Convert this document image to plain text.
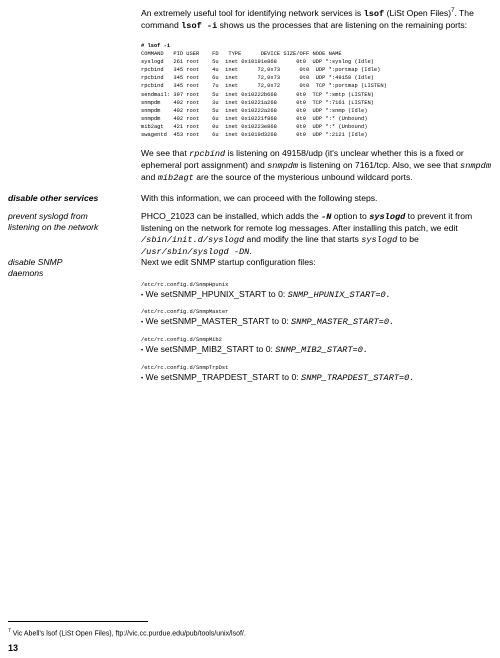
An extremely useful tool for identifying network services is lsof (LiSt Open Files)$^7$. The command lsof -i shows us the processes that are listening on the remaining ports:
# lsof -i
COMMAND   PID USER    FD   TYPE      DEVICE SIZE/OFF NODE NAME
syslogd   261 root    5u  inet 0x10191e868      0t0  UDP *:syslog (Idle)
rpcbind   345 root    4u  inet      72,0x73      0t0  UDP *:portmap (Idle)
rpcbind   345 root    6u  inet      72,0x73      0t0  UDP *:49158 (Idle)
rpcbind   345 root    7u  inet      72,0x72      0t0  TCP *:portmap (LISTEN)
sendmail: 397 root    5u  inet 0x10222b668      0t0  TCP *:smtp (LISTEN)
snmpdm    402 root    3u  inet 0x10221a268      0t0  TCP *:7161 (LISTEN)
snmpdm    402 root    5u  inet 0x10222a268      0t0  UDP *:snmp (Idle)
snmpdm    402 root    6u  inet 0x10221f868      0t0  UDP *:* (Unbound)
mib2agt   421 root    0u  inet 0x10223e868      0t0  UDP *:* (Unbound)
swagentd  453 root    6u  inet 0x1019d3268      0t0  UDP *:2121 (Idle)
We see that rpcbind is listening on 49158/udp (it's unclear whether this is a fixed or ephemeral port assignment) and snmpdm is listening on 7161/tcp. Also, we see that snmpdm and mib2agt are the source of the mysterious unbound wildcard ports.
disable other services	With this information, we can proceed with the following steps.
prevent syslogd from listening on the network
PHCO_21023 can be installed, which adds the -N option to syslogd to prevent it from listening on the network for remote log messages. After installing this patch, we edit /sbin/init.d/syslogd and modify the line that starts syslogd to be /usr/sbin/syslogd -DN.
disable SNMP daemons
Next we edit SNMP startup configuration files:
/etc/rc.config.d/SnmpHpunix
• We setSNMP_HPUNIX_START to 0: SNMP_HPUNIX_START=0.
/etc/rc.config.d/SnmpMaster
• We setSNMP_MASTER_START to 0: SNMP_MASTER_START=0.
/etc/rc.config.d/SnmpMib2
• We setSNMP_MIB2_START to 0: SNMP_MIB2_START=0.
/etc/rc.config.d/SnmpTrpDst
• We setSNMP_TRAPDEST_START to 0: SNMP_TRAPDEST_START=0.
$^7$ Vic Abell's lsof (LiSt Open Files), ftp://vic.cc.purdue.edu/pub/tools/unix/lsof/.
13
